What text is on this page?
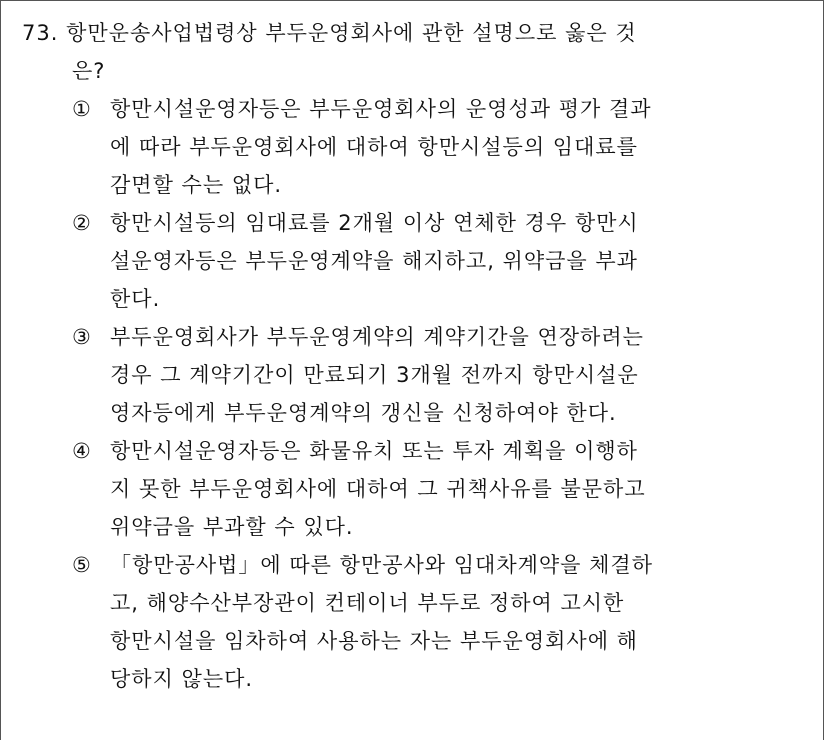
73. 항만운송사업법령상 부두운영회사에 관한 설명으로 옳은 것
은?
① 항만시설운영자등은 부두운영회사의 운영성과 평가 결과
에 따라 부두운영회사에 대하여 항만시설등의 임대료를
감면할 수는 없다.
② 항만시설등의 임대료를 2개월 이상 연체한 경우 항만시
설운영자등은 부두운영계약을 해지하고, 위약금을 부과
한다.
③ 부두운영회사가 부두운영계약의 계약기간을 연장하려는
경우 그 계약기간이 만료되기 3개월 전까지 항만시설운
영자등에게 부두운영계약의 갱신을 신청하여야 한다.
④ 항만시설운영자등은 화물유치 또는 투자 계획을 이행하
지 못한 부두운영회사에 대하여 그 귀책사유를 불문하고
위약금을 부과할 수 있다.
⑤ 「항만공사법」에 따른 항만공사와 임대차계약을 체결하
고, 해양수산부장관이 컨테이너 부두로 정하여 고시한
항만시설을 임차하여 사용하는 자는 부두운영회사에 해
당하지 않는다.
